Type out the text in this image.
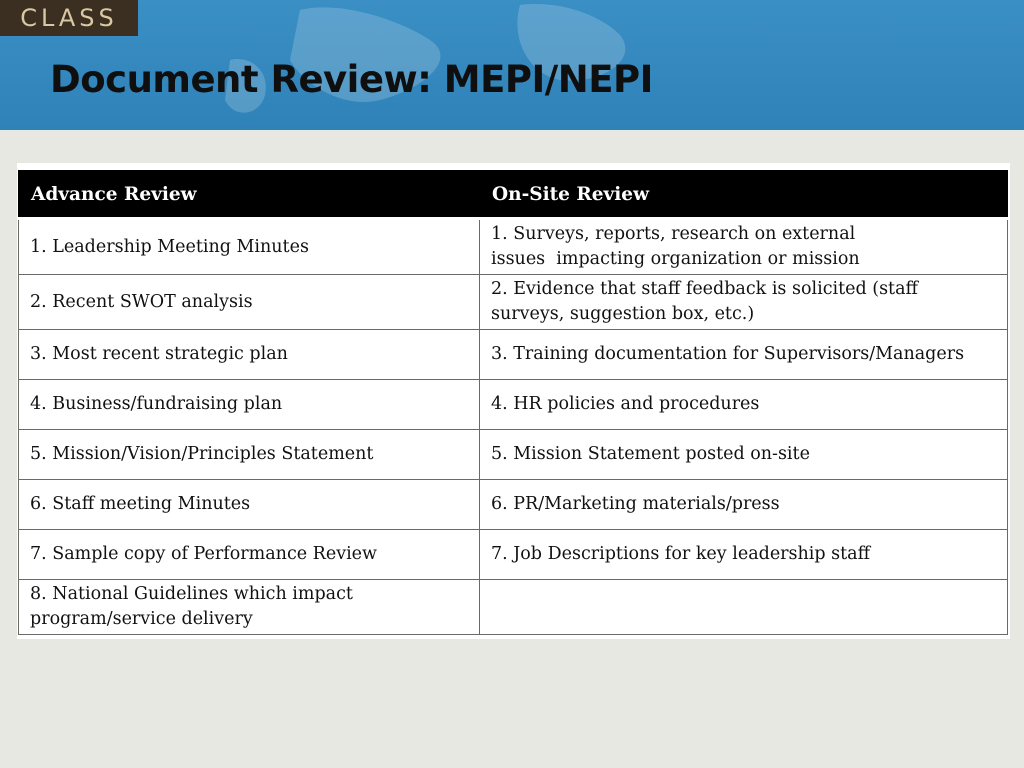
CLASS
Document Review: MEPI/NEPI
Advance Review	On-Site Review
1. Leadership Meeting Minutes	1. Surveys, reports, research on external issues  impacting organization or mission
2. Recent SWOT analysis	2. Evidence that staff feedback is solicited (staff surveys, suggestion box, etc.)
3. Most recent strategic plan	3. Training documentation for Supervisors/Managers
4. Business/fundraising plan	4. HR policies and procedures
5. Mission/Vision/Principles Statement	5. Mission Statement posted on-site
6. Staff meeting Minutes	6. PR/Marketing materials/press
7. Sample copy of Performance Review	7. Job Descriptions for key leadership staff
8. National Guidelines which impact program/service delivery	
